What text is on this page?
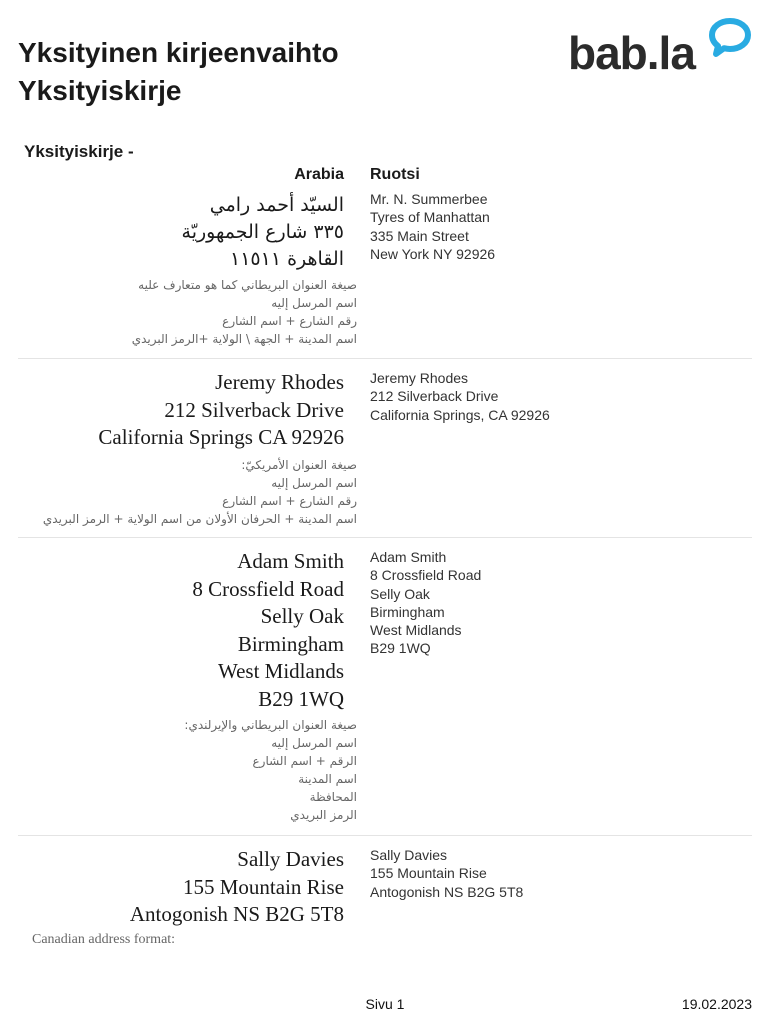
Yksityinen kirjeenvaihto
Yksityiskirje
bab.la
Yksityiskirje -
Arabia Ruotsi
السيّد أحمد رامي
٣٣٥ شارع الجمهوريّة
القاهرة ١١٥١١
صيغة العنوان البريطاني كما هو متعارف عليه
اسم المرسل إليه
رقم الشارع + اسم الشارع
اسم المدينة + الجهة \ الولاية +الرمز البريدي
Mr. N. Summerbee
Tyres of Manhattan
335 Main Street
New York NY 92926
Jeremy Rhodes
212 Silverback Drive
California Springs CA 92926
صيغة العنوان الأمريكيّ:
اسم المرسل إليه
رقم الشارع + اسم الشارع
اسم المدينة + الحرفان الأولان من اسم الولاية + الرمز البريدي
Jeremy Rhodes
212 Silverback Drive
California Springs, CA 92926
Adam Smith
8 Crossfield Road
Selly Oak
Birmingham
West Midlands
B29 1WQ
صيغة العنوان البريطاني والإيرلندي:
اسم المرسل إليه
الرقم + اسم الشارع
اسم المدينة
المحافظة
الرمز البريدي
Adam Smith
8 Crossfield Road
Selly Oak
Birmingham
West Midlands
B29 1WQ
Sally Davies
155 Mountain Rise
Antogonish NS B2G 5T8
Canadian address format:
Sally Davies
155 Mountain Rise
Antogonish NS B2G 5T8
Sivu 1	19.02.2023
